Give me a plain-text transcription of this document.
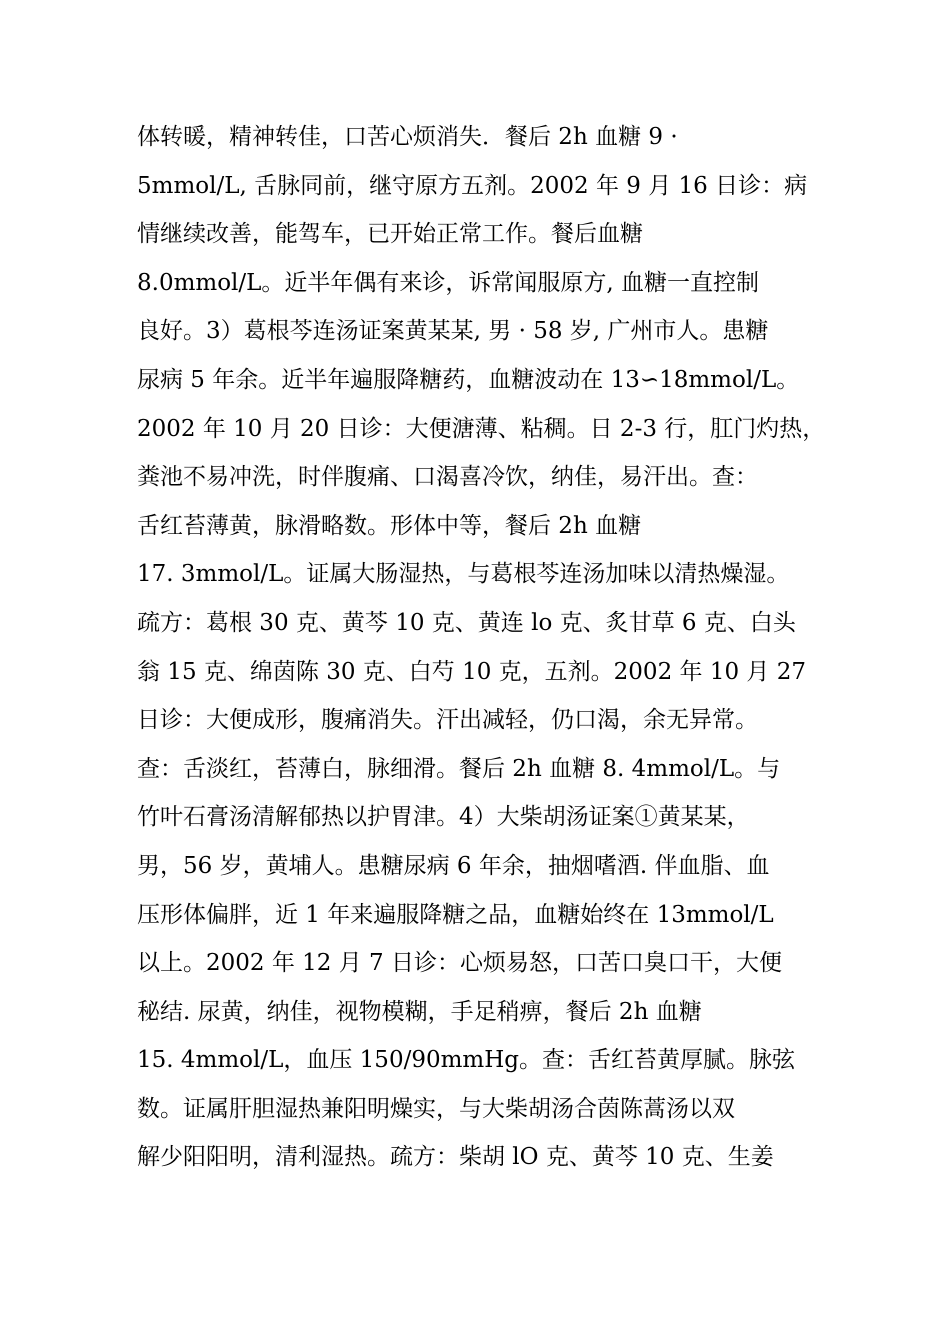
体转暖，精神转佳，口苦心烦消失．餐后 2h 血糖 9 ·
5mmol/L, 舌脉同前，继守原方五剂。2002 年 9 月 16 日诊：病
情继续改善，能驾车，已开始正常工作。餐后血糖
8.0mmol/L。近半年偶有来诊，诉常闻服原方, 血糖一直控制
良好。3）葛根芩连汤证案黄某某, 男 · 58 岁, 广州市人。患糖
尿病 5 年余。近半年遍服降糖药，血糖波动在 13∽18mmol/L。
2002 年 10 月 20 日诊：大便溏薄、粘稠。日 2-3 行，肛门灼热，
粪池不易冲洗，时伴腹痛、口渴喜冷饮，纳佳，易汗出。查：
舌红苔薄黄，脉滑略数。形体中等，餐后 2h 血糖
17. 3mmol/L。证属大肠湿热，与葛根芩连汤加味以清热燥湿。
疏方：葛根 30 克、黄芩 10 克、黄连 lo 克、炙甘草 6 克、白头
翁 15 克、绵茵陈 30 克、白芍 10 克，五剂。2002 年 10 月 27
日诊：大便成形，腹痛消失。汗出减轻，仍口渴，余无异常。
查：舌淡红，苔薄白，脉细滑。餐后 2h 血糖 8. 4mmol/L。与
竹叶石膏汤清解郁热以护胃津。4）大柴胡汤证案①黄某某，
男，56 岁，黄埔人。患糖尿病 6 年余，抽烟嗜酒. 伴血脂、血
压形体偏胖，近 1 年来遍服降糖之品，血糖始终在 13mmol/L
以上。2002 年 12 月 7 日诊：心烦易怒，口苦口臭口干，大便
秘结. 尿黄，纳佳，视物模糊，手足稍痹，餐后 2h 血糖
15. 4mmol/L，血压 150/90mmHg。查：舌红苔黄厚腻。脉弦
数。证属肝胆湿热兼阳明燥实，与大柴胡汤合茵陈蒿汤以双
解少阳阳明，清利湿热。疏方：柴胡 lO 克、黄芩 10 克、生姜
